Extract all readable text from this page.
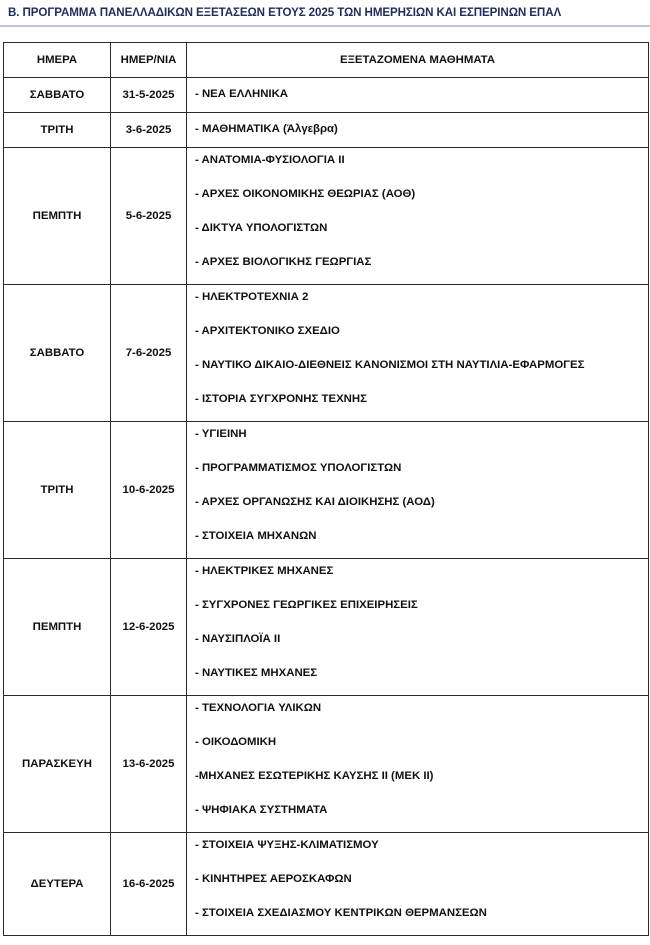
Β. ΠΡΟΓΡΑΜΜΑ ΠΑΝΕΛΛΑΔΙΚΩΝ ΕΞΕΤΑΣΕΩΝ ΕΤΟΥΣ 2025 ΤΩΝ ΗΜΕΡΗΣΙΩΝ ΚΑΙ ΕΣΠΕΡΙΝΩΝ ΕΠΑΛ
ΗΜΕΡΑ	ΗΜΕΡ/ΝΙΑ	ΕΞΕΤΑΖΟΜΕΝΑ ΜΑΘΗΜΑΤΑ
ΣΑΒΒΑΤΟ	31-5-2025	- ΝΕΑ ΕΛΛΗΝΙΚΑ

ΤΡΙΤΗ	3-6-2025	- ΜΑΘΗΜΑΤΙΚΑ (Άλγεβρα)

ΠΕΜΠΤΗ	5-6-2025	- ΑΝΑΤΟΜΙΑ-ΦΥΣΙΟΛΟΓΙΑ ΙΙ
- ΑΡΧΕΣ ΟΙΚΟΝΟΜΙΚΗΣ ΘΕΩΡΙΑΣ (ΑΟΘ)
- ΔΙΚΤΥΑ ΥΠΟΛΟΓΙΣΤΩΝ
- ΑΡΧΕΣ ΒΙΟΛΟΓΙΚΗΣ ΓΕΩΡΓΙΑΣ

ΣΑΒΒΑΤΟ	7-6-2025	- ΗΛΕΚΤΡΟΤΕΧΝΙΑ 2
- ΑΡΧΙΤΕΚΤΟΝΙΚΟ ΣΧΕΔΙΟ
- ΝΑΥΤΙΚΟ ΔΙΚΑΙΟ-ΔΙΕΘΝΕΙΣ ΚΑΝΟΝΙΣΜΟΙ ΣΤΗ ΝΑΥΤΙΛΙΑ-ΕΦΑΡΜΟΓΕΣ
- ΙΣΤΟΡΙΑ ΣΥΓΧΡΟΝΗΣ ΤΕΧΝΗΣ

ΤΡΙΤΗ	10-6-2025	- ΥΓΙΕΙΝΗ
- ΠΡΟΓΡΑΜΜΑΤΙΣΜΟΣ ΥΠΟΛΟΓΙΣΤΩΝ
- ΑΡΧΕΣ ΟΡΓΑΝΩΣΗΣ ΚΑΙ ΔΙΟΙΚΗΣΗΣ (ΑΟΔ)
- ΣΤΟΙΧΕΙΑ ΜΗΧΑΝΩΝ

ΠΕΜΠΤΗ	12-6-2025	- ΗΛΕΚΤΡΙΚΕΣ ΜΗΧΑΝΕΣ
- ΣΥΓΧΡΟΝΕΣ ΓΕΩΡΓΙΚΕΣ ΕΠΙΧΕΙΡΗΣΕΙΣ
- ΝΑΥΣΙΠΛΟΪΑ ΙΙ
- ΝΑΥΤΙΚΕΣ ΜΗΧΑΝΕΣ

ΠΑΡΑΣΚΕΥΗ	13-6-2025	- ΤΕΧΝΟΛΟΓΙΑ ΥΛΙΚΩΝ
- ΟΙΚΟΔΟΜΙΚΗ
-ΜΗΧΑΝΕΣ ΕΣΩΤΕΡΙΚΗΣ ΚΑΥΣΗΣ ΙΙ (ΜΕΚ ΙΙ)
- ΨΗΦΙΑΚΑ ΣΥΣΤΗΜΑΤΑ

ΔΕΥΤΕΡΑ	16-6-2025	- ΣΤΟΙΧΕΙΑ ΨΥΞΗΣ-ΚΛΙΜΑΤΙΣΜΟΥ
- ΚΙΝΗΤΗΡΕΣ ΑΕΡΟΣΚΑΦΩΝ
- ΣΤΟΙΧΕΙΑ ΣΧΕΔΙΑΣΜΟΥ ΚΕΝΤΡΙΚΩΝ ΘΕΡΜΑΝΣΕΩΝ
